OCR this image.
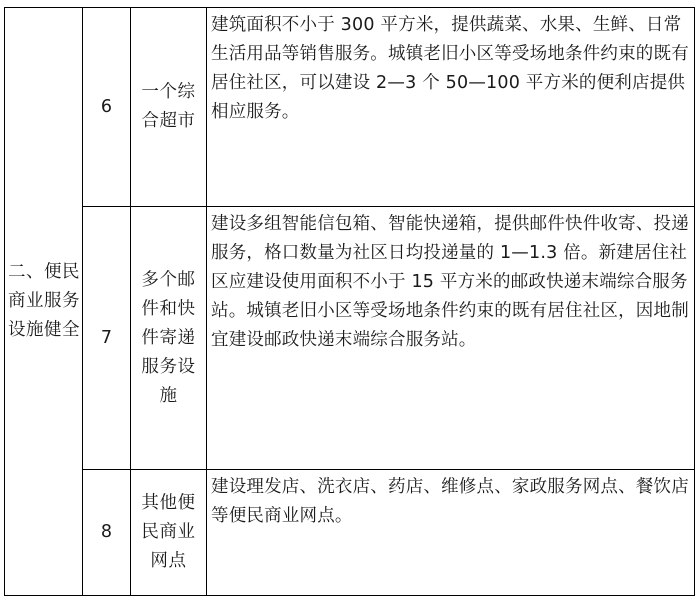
二、便民商业服务设施健全	6	一个综合超市	建筑面积不小于 300 平方米，提供蔬菜、水果、生鲜、日常生活用品等销售服务。城镇老旧小区等受场地条件约束的既有居住社区，可以建设 2—3 个 50—100 平方米的便利店提供相应服务。
	7	多个邮件和快件寄递服务设施	建设多组智能信包箱、智能快递箱，提供邮件快件收寄、投递服务，格口数量为社区日均投递量的 1—1.3 倍。新建居住社区应建设使用面积不小于 15 平方米的邮政快递末端综合服务站。城镇老旧小区等受场地条件约束的既有居住社区，因地制宜建设邮政快递末端综合服务站。
	8	其他便民商业网点	建设理发店、洗衣店、药店、维修点、家政服务网点、餐饮店等便民商业网点。
